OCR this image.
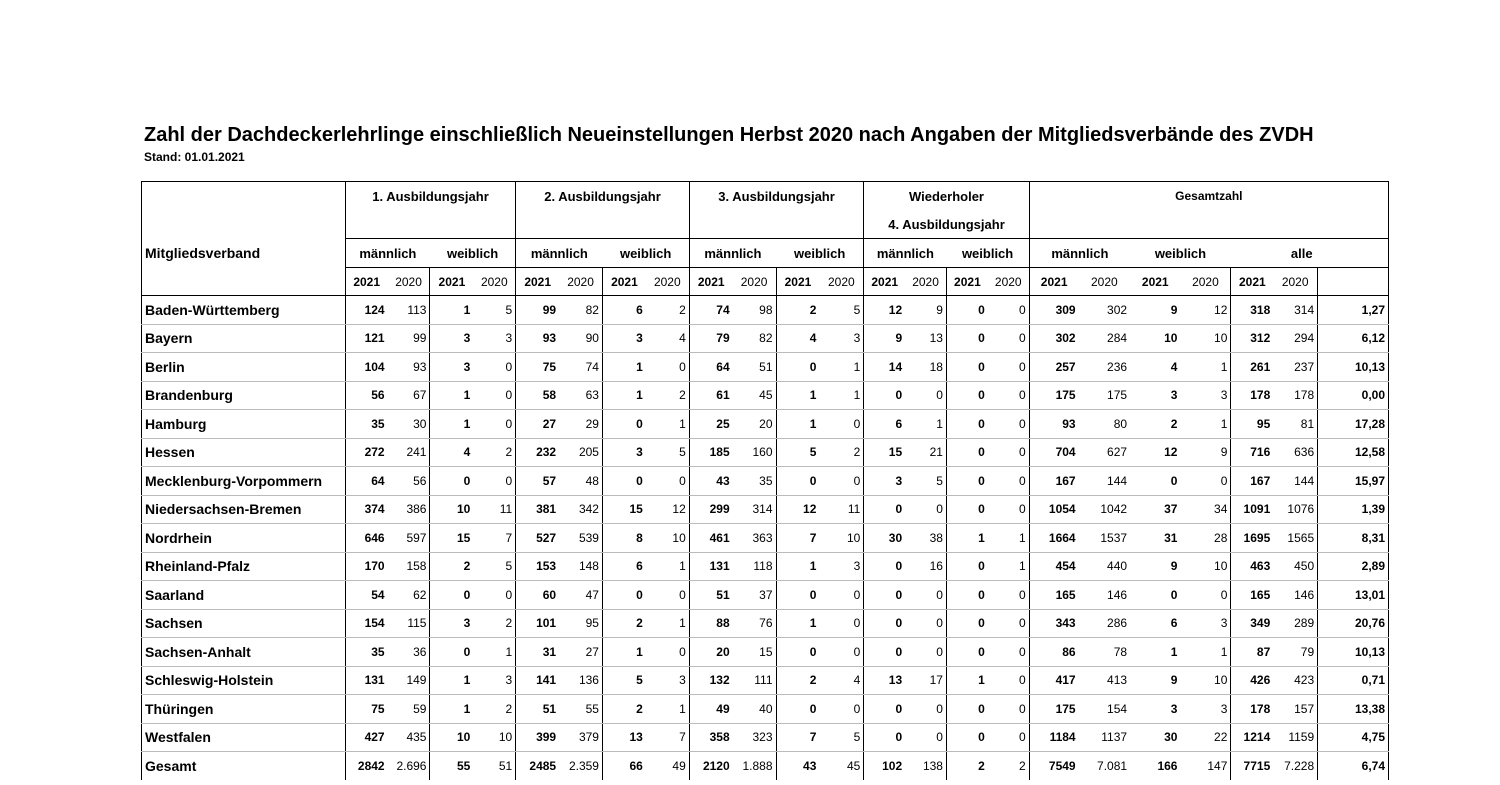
Zahl der Dachdeckerlehrlinge einschließlich Neueinstellungen Herbst 2020 nach Angaben der Mitgliedsverbände des ZVDH
Stand: 01.01.2021
	1. Ausbildungsjahr				2. Ausbildungsjahr				3. Ausbildungsjahr				Wiederholer				Gesamtzahl						
													4. Ausbildungsjahr										
Mitgliedsverband	männlich		weiblich		männlich		weiblich		männlich		weiblich		männlich		weiblich		männlich		weiblich		alle		
	2021	2020	2021	2020	2021	2020	2021	2020	2021	2020	2021	2020	2021	2020	2021	2020	2021	2020	2021	2020	2021	2020	
Baden-Württemberg	124	113	1	5	99	82	6	2	74	98	2	5	12	9	0	0	309	302	9	12	318	314	1,27
Bayern	121	99	3	3	93	90	3	4	79	82	4	3	9	13	0	0	302	284	10	10	312	294	6,12
Berlin	104	93	3	0	75	74	1	0	64	51	0	1	14	18	0	0	257	236	4	1	261	237	10,13
Brandenburg	56	67	1	0	58	63	1	2	61	45	1	1	0	0	0	0	175	175	3	3	178	178	0,00
Hamburg	35	30	1	0	27	29	0	1	25	20	1	0	6	1	0	0	93	80	2	1	95	81	17,28
Hessen	272	241	4	2	232	205	3	5	185	160	5	2	15	21	0	0	704	627	12	9	716	636	12,58
Mecklenburg-Vorpommern	64	56	0	0	57	48	0	0	43	35	0	0	3	5	0	0	167	144	0	0	167	144	15,97
Niedersachsen-Bremen	374	386	10	11	381	342	15	12	299	314	12	11	0	0	0	0	1054	1042	37	34	1091	1076	1,39
Nordrhein	646	597	15	7	527	539	8	10	461	363	7	10	30	38	1	1	1664	1537	31	28	1695	1565	8,31
Rheinland-Pfalz	170	158	2	5	153	148	6	1	131	118	1	3	0	16	0	1	454	440	9	10	463	450	2,89
Saarland	54	62	0	0	60	47	0	0	51	37	0	0	0	0	0	0	165	146	0	0	165	146	13,01
Sachsen	154	115	3	2	101	95	2	1	88	76	1	0	0	0	0	0	343	286	6	3	349	289	20,76
Sachsen-Anhalt	35	36	0	1	31	27	1	0	20	15	0	0	0	0	0	0	86	78	1	1	87	79	10,13
Schleswig-Holstein	131	149	1	3	141	136	5	3	132	111	2	4	13	17	1	0	417	413	9	10	426	423	0,71
Thüringen	75	59	1	2	51	55	2	1	49	40	0	0	0	0	0	0	175	154	3	3	178	157	13,38
Westfalen	427	435	10	10	399	379	13	7	358	323	7	5	0	0	0	0	1184	1137	30	22	1214	1159	4,75
Gesamt	2842	2.696	55	51	2485	2.359	66	49	2120	1.888	43	45	102	138	2	2	7549	7.081	166	147	7715	7.228	6,74
